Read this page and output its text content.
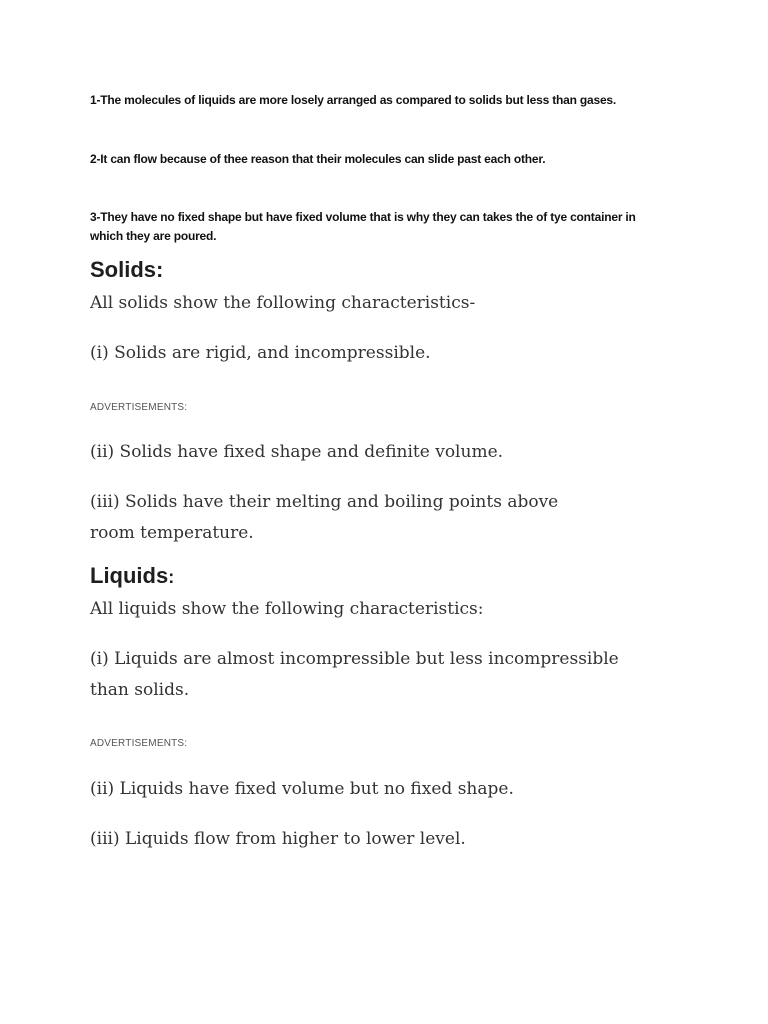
1-The molecules of liquids are more losely arranged as compared to solids but less than gases.
2-It can flow because of thee reason that their molecules can slide past each other.
3-They have no fixed shape but have fixed volume that is why they can takes the of tye container in which they are poured.
Solids:
All solids show the following characteristics-
(i) Solids are rigid, and incompressible.
ADVERTISEMENTS:
(ii) Solids have fixed shape and definite volume.
(iii) Solids have their melting and boiling points above room temperature.
Liquids:
All liquids show the following characteristics:
(i) Liquids are almost incompressible but less incompressible than solids.
ADVERTISEMENTS:
(ii) Liquids have fixed volume but no fixed shape.
(iii) Liquids flow from higher to lower level.
